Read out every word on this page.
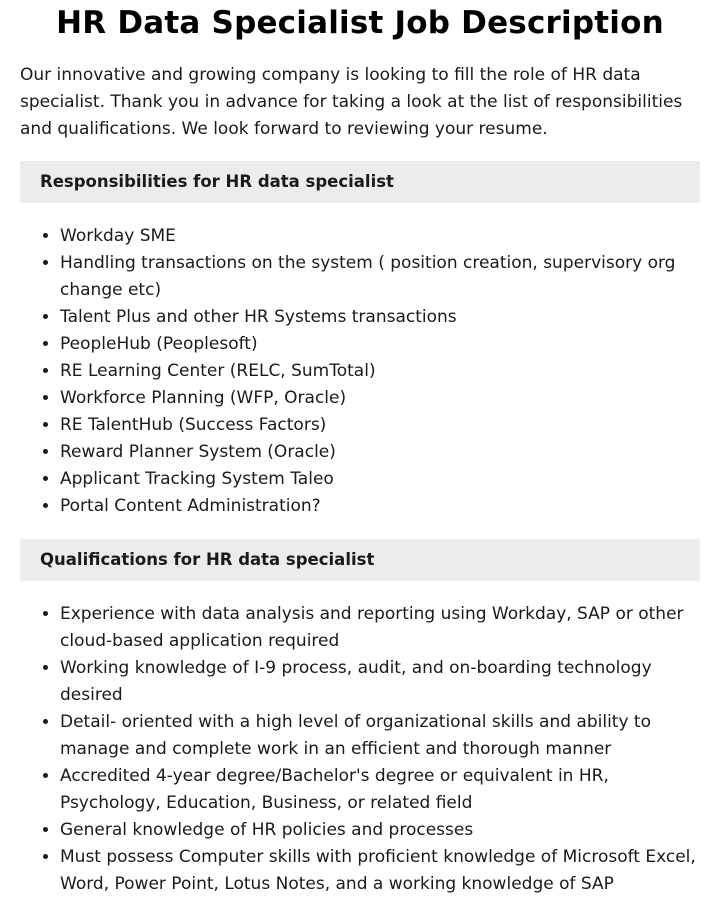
HR Data Specialist Job Description

Our innovative and growing company is looking to fill the role of HR data specialist. Thank you in advance for taking a look at the list of responsibilities and qualifications. We look forward to reviewing your resume.

Responsibilities for HR data specialist
• Workday SME
• Handling transactions on the system ( position creation, supervisory org change etc)
• Talent Plus and other HR Systems transactions
• PeopleHub (Peoplesoft)
• RE Learning Center (RELC, SumTotal)
• Workforce Planning (WFP, Oracle)
• RE TalentHub (Success Factors)
• Reward Planner System (Oracle)
• Applicant Tracking System Taleo
• Portal Content Administration?
Qualifications for HR data specialist
• Experience with data analysis and reporting using Workday, SAP or other cloud-based application required
• Working knowledge of I-9 process, audit, and on-boarding technology desired
• Detail- oriented with a high level of organizational skills and ability to manage and complete work in an efficient and thorough manner
• Accredited 4-year degree/Bachelor's degree or equivalent in HR, Psychology, Education, Business, or related field
• General knowledge of HR policies and processes
• Must possess Computer skills with proficient knowledge of Microsoft Excel, Word, Power Point, Lotus Notes, and a working knowledge of SAP
